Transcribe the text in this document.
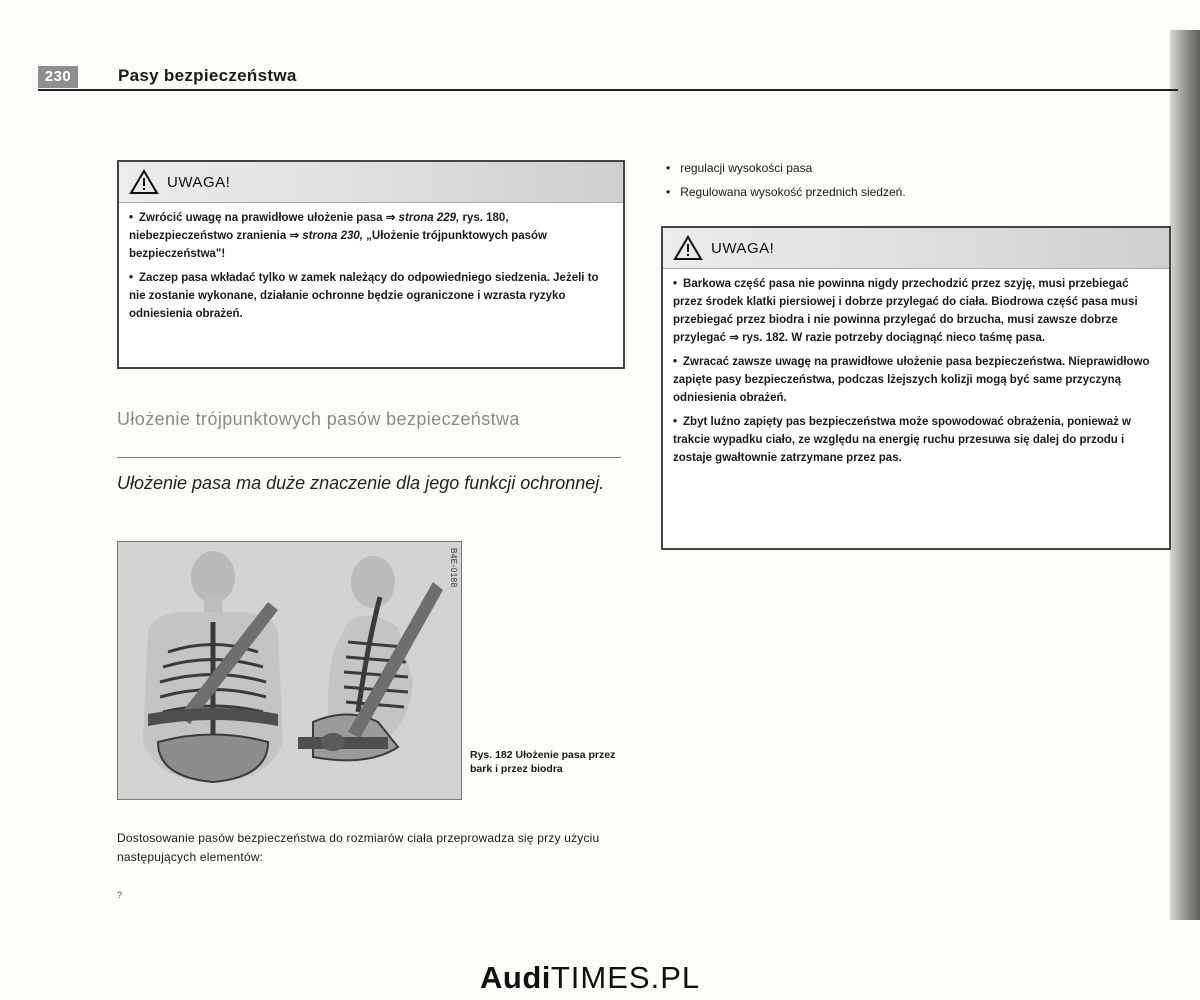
230	Pasy bezpieczeństwa
UWAGA!

• Zwrócić uwagę na prawidłowe ułożenie pasa ⇒ strona 229, rys. 180, niebezpieczeństwo zranienia ⇒ strona 230, „Ułożenie trójpunktowych pasów bezpieczeństwa"!

• Zaczep pasa wkładać tylko w zamek należący do odpowiedniego siedzenia. Jeżeli to nie zostanie wykonane, działanie ochronne będzie ograniczone i wzrasta ryzyko odniesienia obrażeń.

Ułożenie trójpunktowych pasów bezpieczeństwa
Ułożenie pasa ma duże znaczenie dla jego funkcji ochronnej.
B4E-0188
Rys. 182 Ułożenie pasa przez bark i przez biodra
Dostosowanie pasów bezpieczeństwa do rozmiarów ciała przeprowadza się przy użyciu następujących elementów:
?
• regulacji wysokości pasa
• Regulowana wysokość przednich siedzeń.
UWAGA!

• Barkowa część pasa nie powinna nigdy przechodzić przez szyję, musi przebiegać przez środek klatki piersiowej i dobrze przylegać do ciała. Biodrowa część pasa musi przebiegać przez biodra i nie powinna przylegać do brzucha, musi zawsze dobrze przylegać ⇒ rys. 182. W razie potrzeby dociągnąć nieco taśmę pasa.

• Zwracać zawsze uwagę na prawidłowe ułożenie pasa bezpieczeństwa. Nieprawidłowo zapięte pasy bezpieczeństwa, podczas lżejszych kolizji mogą być same przyczyną odniesienia obrażeń.

• Zbyt luźno zapięty pas bezpieczeństwa może spowodować obrażenia, ponieważ w trakcie wypadku ciało, ze względu na energię ruchu przesuwa się dalej do przodu i zostaje gwałtownie zatrzymane przez pas.

AudiTIMES.PL
